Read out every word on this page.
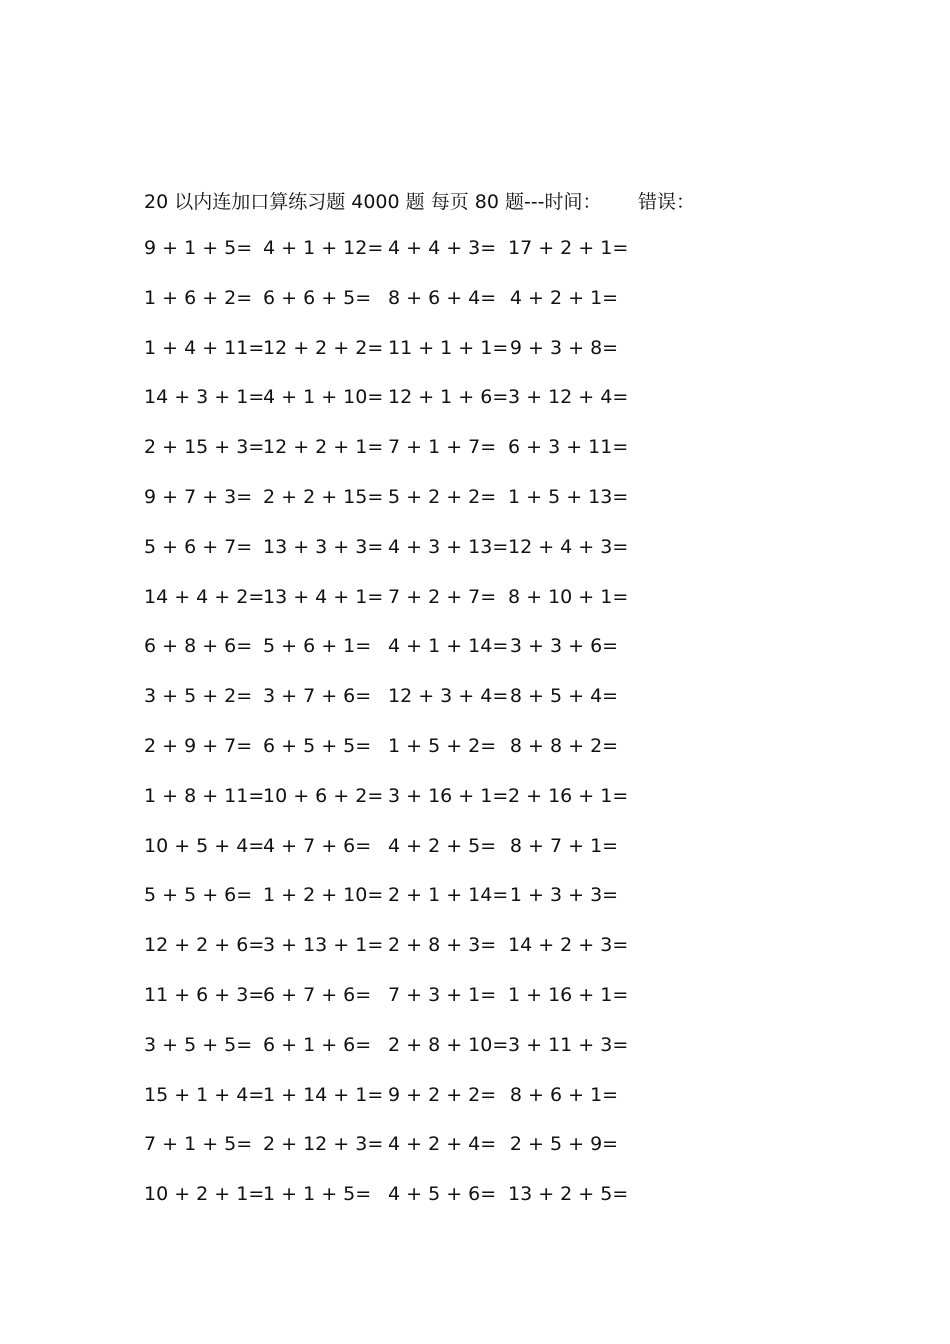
20 以内连加口算练习题 4000 题 每页 80 题---时间： 错误：
9 + 1 + 5= 4 + 1 + 12= 4 + 4 + 3= 17 + 2 + 1=
1 + 6 + 2= 6 + 6 + 5= 8 + 6 + 4= 4 + 2 + 1=
1 + 4 + 11=
12 + 2 + 2= 11 + 1 + 1= 9 + 3 + 8=
14 + 3 + 1=
4 + 1 + 10= 12 + 1 + 6= 3 + 12 + 4=
2 + 15 + 3=
12 + 2 + 1= 7 + 1 + 7= 6 + 3 + 11=
9 + 7 + 3= 2 + 2 + 15= 5 + 2 + 2= 1 + 5 + 13=
5 + 6 + 7= 13 + 3 + 3= 4 + 3 + 13= 12 + 4 + 3=
14 + 4 + 2=
13 + 4 + 1= 7 + 2 + 7= 8 + 10 + 1=
6 + 8 + 6= 5 + 6 + 1= 4 + 1 + 14= 3 + 3 + 6=
3 + 5 + 2= 3 + 7 + 6= 12 + 3 + 4= 8 + 5 + 4=
2 + 9 + 7= 6 + 5 + 5= 1 + 5 + 2= 8 + 8 + 2=
1 + 8 + 11=
10 + 6 + 2= 3 + 16 + 1= 2 + 16 + 1=
10 + 5 + 4=
4 + 7 + 6= 4 + 2 + 5= 8 + 7 + 1=
5 + 5 + 6= 1 + 2 + 10= 2 + 1 + 14= 1 + 3 + 3=
12 + 2 + 6=
3 + 13 + 1= 2 + 8 + 3= 14 + 2 + 3=
11 + 6 + 3=
6 + 7 + 6= 7 + 3 + 1= 1 + 16 + 1=
3 + 5 + 5= 6 + 1 + 6= 2 + 8 + 10= 3 + 11 + 3=
15 + 1 + 4=
1 + 14 + 1= 9 + 2 + 2= 8 + 6 + 1=
7 + 1 + 5= 2 + 12 + 3= 4 + 2 + 4= 2 + 5 + 9=
10 + 2 + 1=
1 + 1 + 5= 4 + 5 + 6= 13 + 2 + 5=
